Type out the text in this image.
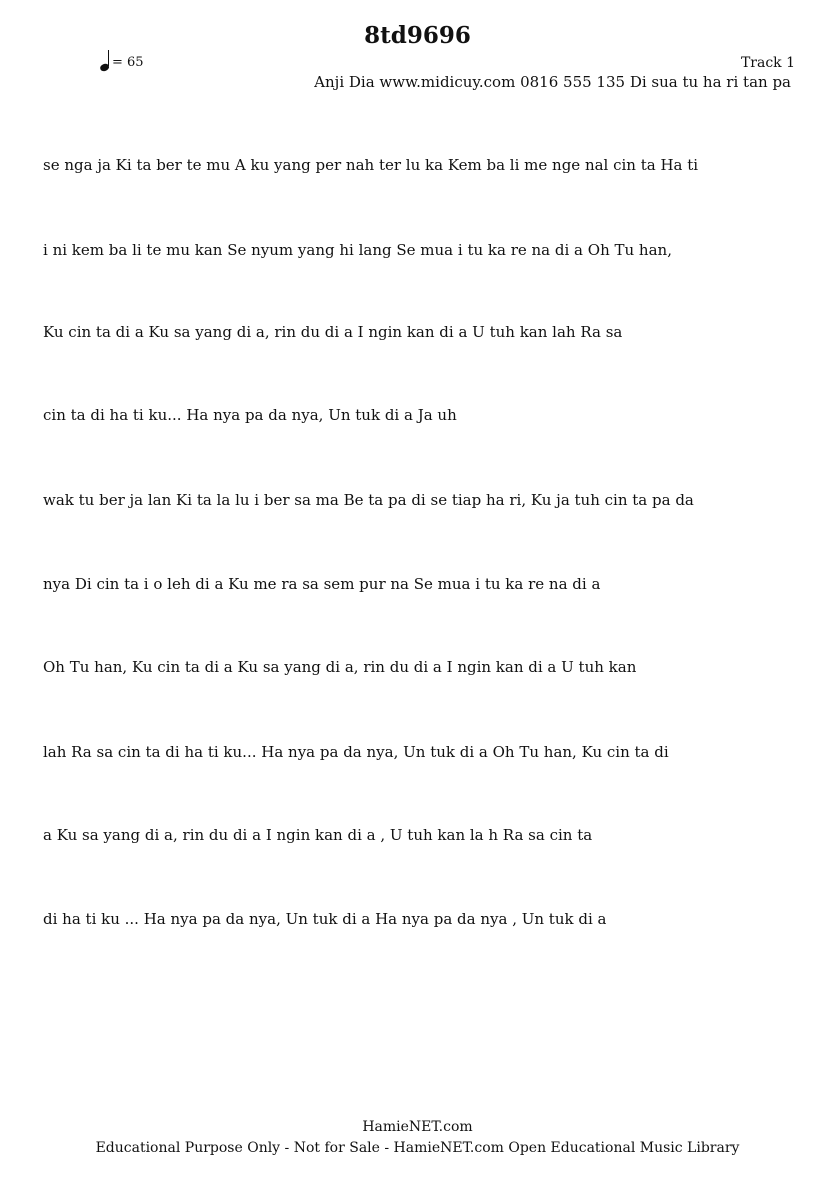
8td9696
= 65	Track 1
Anji Dia www.midicuy.com 0816 555 135 Di sua tu ha ri tan pa
se nga ja Ki ta ber te mu A ku yang per nah ter lu ka Kem ba li me nge nal cin ta Ha ti
i ni kem ba li te mu kan Se nyum yang hi lang Se mua i tu ka re na di a Oh Tu han,
Ku cin ta di a Ku sa yang di a, rin du di a I ngin kan di a U tuh kan lah Ra sa
cin ta di ha ti ku... Ha nya pa da nya, Un tuk di a Ja uh
wak tu ber ja lan Ki ta la lu i ber sa ma Be ta pa di se tiap ha ri, Ku ja tuh cin ta pa da
nya Di cin ta i o leh di a Ku me ra sa sem pur na Se mua i tu ka re na di a
Oh Tu han, Ku cin ta di a Ku sa yang di a, rin du di a I ngin kan di a U tuh kan
lah Ra sa cin ta di ha ti ku... Ha nya pa da nya, Un tuk di a Oh Tu han, Ku cin ta di
a Ku sa yang di a, rin du di a I ngin kan di a , U tuh kan la h Ra sa cin ta
di ha ti ku ... Ha nya pa da nya, Un tuk di a Ha nya pa da nya , Un tuk di a
HamieNET.com
Educational Purpose Only - Not for Sale - HamieNET.com Open Educational Music Library
